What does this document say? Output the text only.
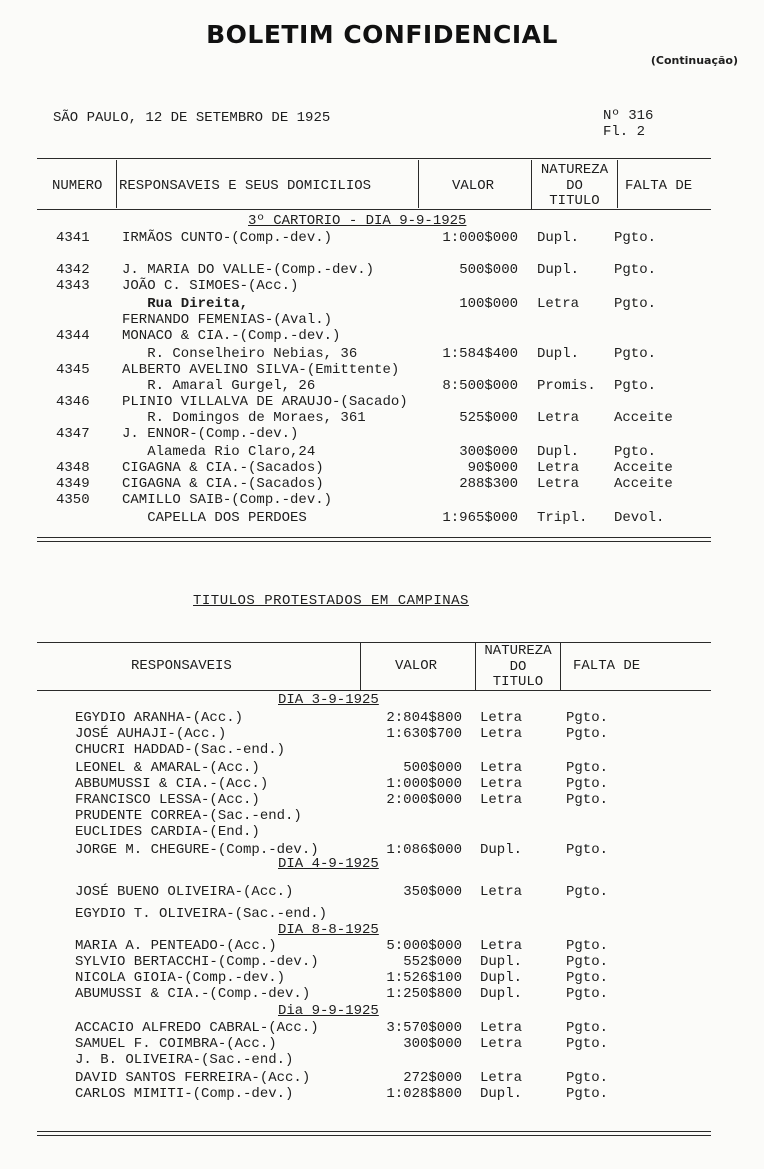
BOLETIM CONFIDENCIAL
(Continuação)
SÃO PAULO, 12 DE SETEMBRO DE 1925	Nº 316
Fl. 2
NUMERO RESPONSAVEIS E SEUS DOMICILIOS	VALOR
NATUREZA
DO
TITULO
FALTA DE
3º CARTORIO - DIA 9-9-1925
4341 IRMÃOS CUNTO-(Comp.-dev.)	1:000$000 Dupl. Pgto.
4342 J. MARIA DO VALLE-(Comp.-dev.)	500$000 Dupl. Pgto.
4343 JOÃO C. SIMOES-(Acc.)
Rua Direita,	100$000 Letra Pgto.
FERNANDO FEMENIAS-(Aval.)
4344 MONACO & CIA.-(Comp.-dev.)
R. Conselheiro Nebias, 36	1:584$400 Dupl. Pgto.
4345 ALBERTO AVELINO SILVA-(Emittente)
R. Amaral Gurgel, 26	8:500$000 Promis. Pgto.
4346 PLINIO VILLALVA DE ARAUJO-(Sacado)
R. Domingos de Moraes, 361	525$000 Letra Acceite
4347 J. ENNOR-(Comp.-dev.)
Alameda Rio Claro,24	300$000 Dupl. Pgto.
4348 CIGAGNA & CIA.-(Sacados)	90$000 Letra Acceite
4349 CIGAGNA & CIA.-(Sacados)	288$300 Letra Acceite
4350 CAMILLO SAIB-(Comp.-dev.)
CAPELLA DOS PERDOES	1:965$000 Tripl. Devol.
TITULOS PROTESTADOS EM CAMPINAS
RESPONSAVEIS	VALOR
NATUREZA
DO
TITULO
FALTA DE
DIA 3-9-1925
EGYDIO ARANHA-(Acc.)	2:804$800 Letra	Pgto.
JOSÉ AUHAJI-(Acc.)	1:630$700 Letra	Pgto.
CHUCRI HADDAD-(Sac.-end.)
LEONEL & AMARAL-(Acc.)	500$000 Letra	Pgto.
ABBUMUSSI & CIA.-(Acc.)	1:000$000 Letra	Pgto.
FRANCISCO LESSA-(Acc.)	2:000$000 Letra	Pgto.
PRUDENTE CORREA-(Sac.-end.)
EUCLIDES CARDIA-(End.)
JORGE M. CHEGURE-(Comp.-dev.)	1:086$000 Dupl.	Pgto.
DIA 4-9-1925
JOSÉ BUENO OLIVEIRA-(Acc.)	350$000 Letra	Pgto.
EGYDIO T. OLIVEIRA-(Sac.-end.)
DIA 8-8-1925
MARIA A. PENTEADO-(Acc.)	5:000$000 Letra	Pgto.
SYLVIO BERTACCHI-(Comp.-dev.)	552$000 Dupl.	Pgto.
NICOLA GIOIA-(Comp.-dev.)	1:526$100 Dupl.	Pgto.
ABUMUSSI & CIA.-(Comp.-dev.)	1:250$800 Dupl.	Pgto.
Dia 9-9-1925
ACCACIO ALFREDO CABRAL-(Acc.)	3:570$000 Letra	Pgto.
SAMUEL F. COIMBRA-(Acc.)	300$000 Letra	Pgto.
J. B. OLIVEIRA-(Sac.-end.)
DAVID SANTOS FERREIRA-(Acc.)	272$000 Letra	Pgto.
CARLOS MIMITI-(Comp.-dev.)	1:028$800 Dupl.	Pgto.
